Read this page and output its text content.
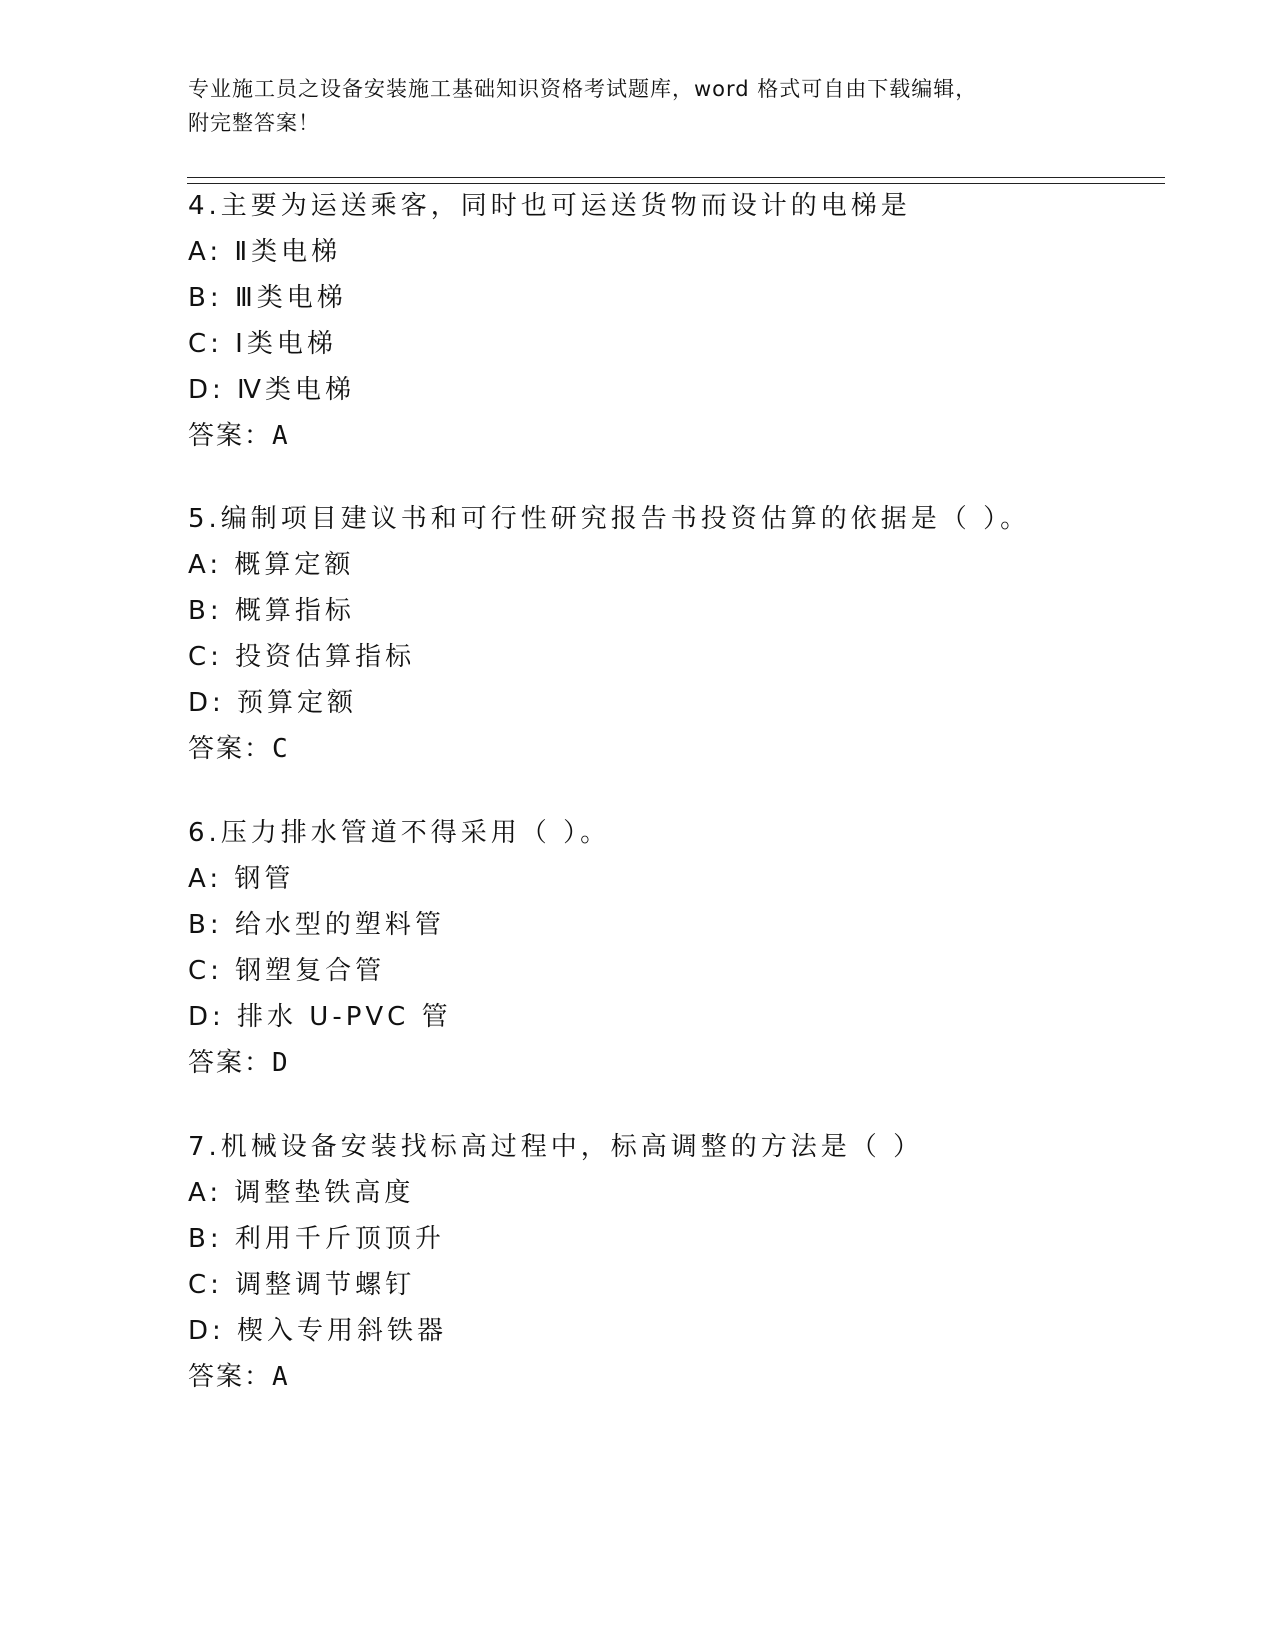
专业施工员之设备安装施工基础知识资格考试题库，word 格式可自由下载编辑，
附完整答案！
4.主要为运送乘客，同时也可运送货物而设计的电梯是
A: Ⅱ类电梯
B: Ⅲ类电梯
C: Ⅰ类电梯
D: Ⅳ类电梯
答案：A
5.编制项目建议书和可行性研究报告书投资估算的依据是（ ）。
A: 概算定额
B: 概算指标
C: 投资估算指标
D: 预算定额
答案：C
6.压力排水管道不得采用（ ）。
A: 钢管
B: 给水型的塑料管
C: 钢塑复合管
D: 排水 U-PVC 管
答案：D
7.机械设备安装找标高过程中，标高调整的方法是（ ）
A: 调整垫铁高度
B: 利用千斤顶顶升
C: 调整调节螺钉
D: 楔入专用斜铁器
答案：A
